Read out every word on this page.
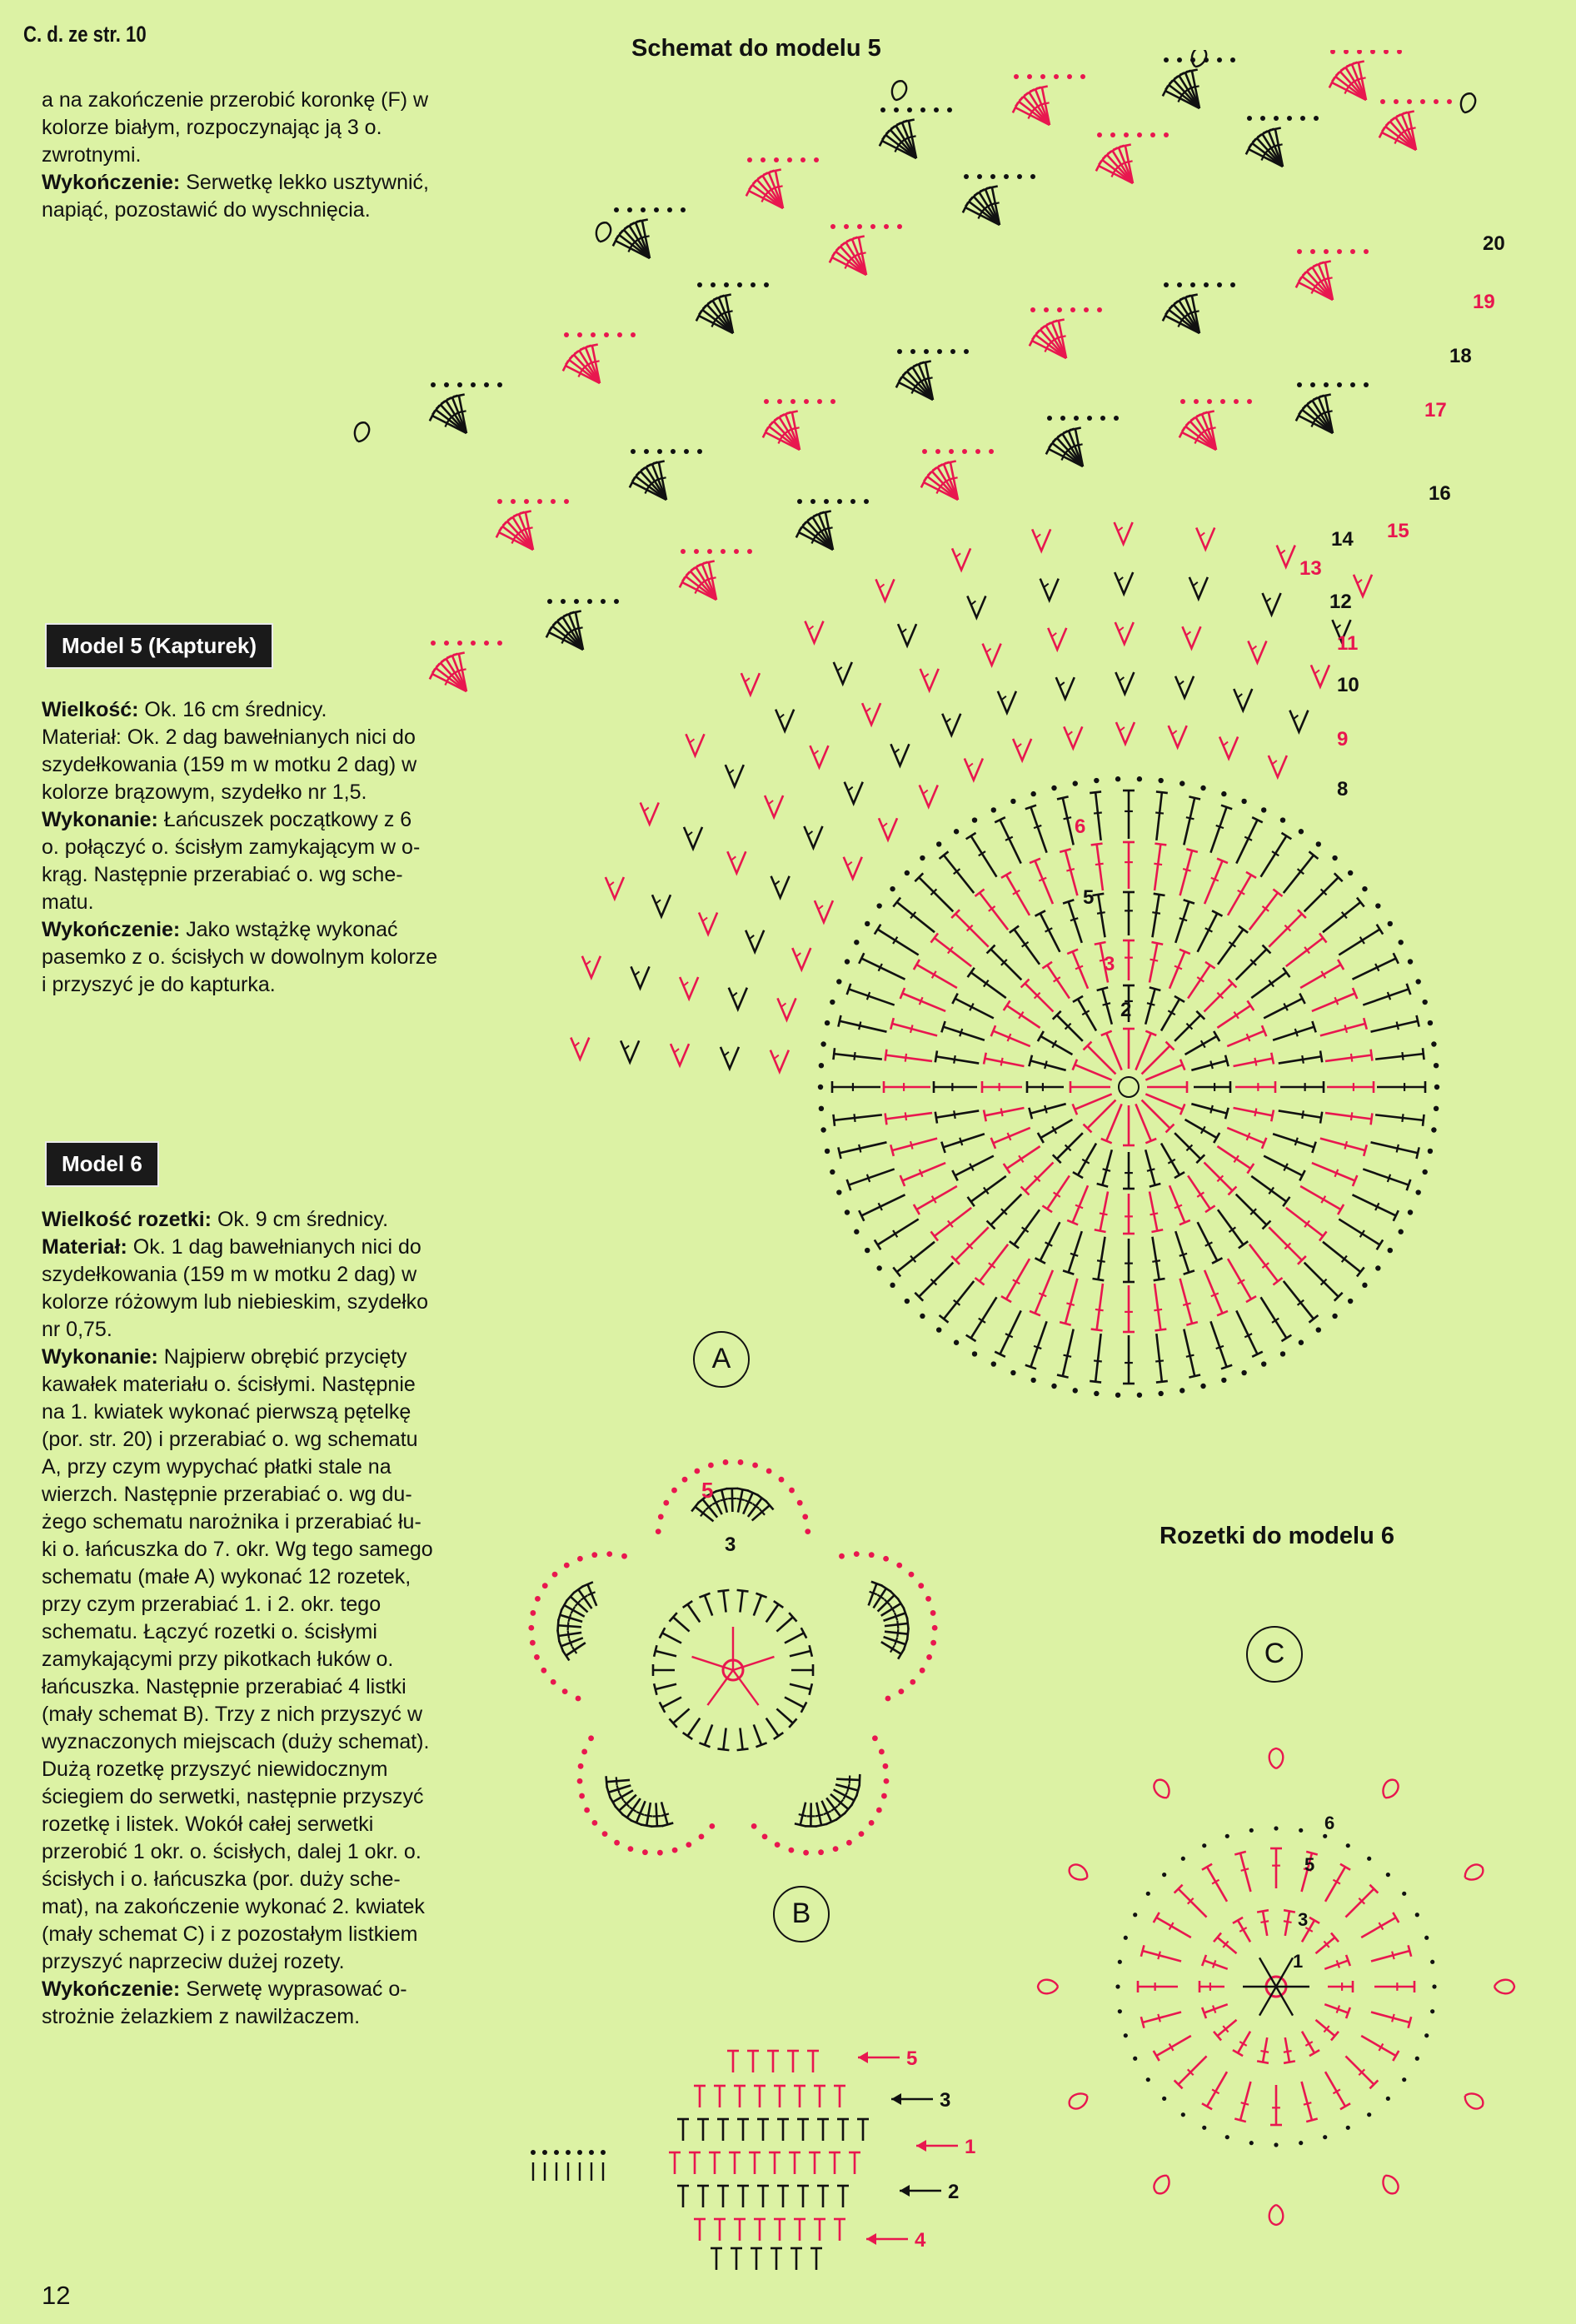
C. d. ze str. 10

a na zakończenie przerobić koronkę (F) w

kolorze białym, rozpoczynając ją 3 o.

zwrotnymi.

Wykończenie: Serwetkę lekko usztywnić,

napiąć, pozostawić do wyschnięcia.

Model 5 (Kapturek)

Wielkość: Ok. 16 cm średnicy.

Materiał: Ok. 2 dag bawełnianych nici do

szydełkowania (159 m w motku 2 dag) w

kolorze brązowym, szydełko nr 1,5.

Wykonanie: Łańcuszek początkowy z 6

o. połączyć o. ścisłym zamykającym w o-

krąg. Następnie przerabiać o. wg sche-

matu.

Wykończenie: Jako wstążkę wykonać

pasemko z o. ścisłych w dowolnym kolorze

i przyszyć je do kapturka.

Model 6

Wielkość rozetki: Ok. 9 cm średnicy.

Materiał: Ok. 1 dag bawełnianych nici do

szydełkowania (159 m w motku 2 dag) w

kolorze różowym lub niebieskim, szydełko

nr 0,75.

Wykonanie: Najpierw obrębić przycięty

kawałek materiału o. ścisłymi. Następnie

na 1. kwiatek wykonać pierwszą pętelkę

(por. str. 20) i przerabiać o. wg schematu

A, przy czym wypychać płatki stale na

wierzch. Następnie przerabiać o. wg du-

żego schematu narożnika i przerabiać łu-

ki o. łańcuszka do 7. okr. Wg tego samego

schematu (małe A) wykonać 12 rozetek,

przy czym przerabiać 1. i 2. okr. tego

schematu. Łączyć rozetki o. ścisłymi

zamykającymi przy pikotkach łuków o.

łańcuszka. Następnie przerabiać 4 listki

(mały schemat B). Trzy z nich przyszyć w

wyznaczonych miejscach (duży schemat).

Dużą rozetkę przyszyć niewidocznym

ściegiem do serwetki, następnie przyszyć

rozetkę i listek. Wokół całej serwetki

przerobić 1 okr. o. ścisłych, dalej 1 okr. o.

ścisłych i o. łańcuszka (por. duży sche-

mat), na zakończenie wykonać 2. kwiatek

(mały schemat C) i z pozostałym listkiem

przyszyć naprzeciw dużej rozety.

Wykończenie: Serwetę wyprasować o-

strożnie żelazkiem z nawilżaczem.

12
Schemat do modelu 5
Rozetki do modelu 6
A
B
C
2
3
5
6
8
9
10
11
12
13
14 15
16
17
18
19
20
5
3
5
3
1
2
4
6
5
3
1
